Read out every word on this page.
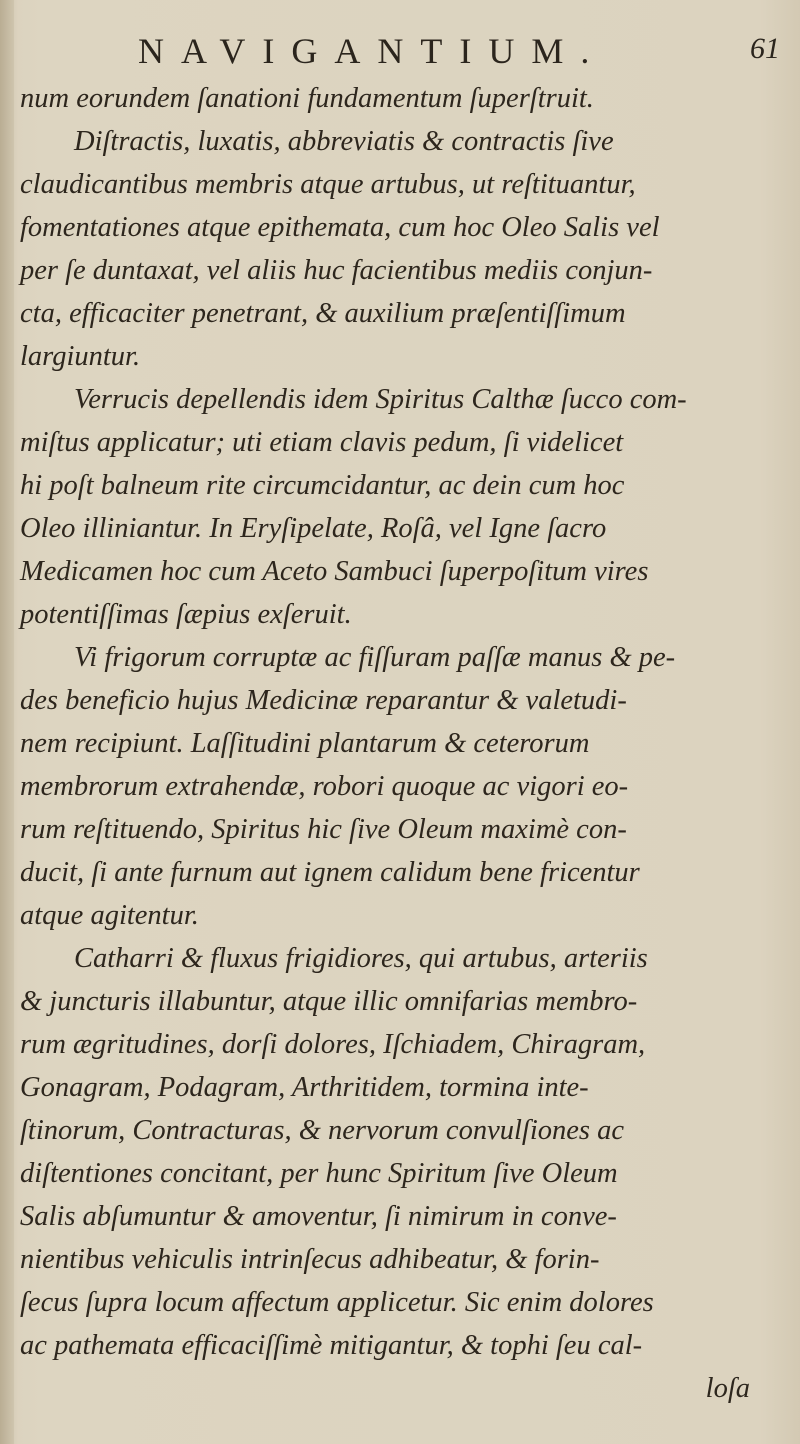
NAVIGANTIUM.	61
num eorundem ſanationi fundamentum ſuperſtruit.
Diſtractis, luxatis, abbreviatis & contractis ſive
claudicantibus membris atque artubus, ut reſtituantur,
fomentationes atque epithemata, cum hoc Oleo Salis vel
per ſe duntaxat, vel aliis huc facientibus mediis conjun-
cta, efficaciter penetrant, & auxilium præſentiſſimum
largiuntur.
Verrucis depellendis idem Spiritus Calthæ ſucco com-
miſtus applicatur; uti etiam clavis pedum, ſi videlicet
hi poſt balneum rite circumcidantur, ac dein cum hoc
Oleo illiniantur. In Eryſipelate, Roſâ, vel Igne ſacro
Medicamen hoc cum Aceto Sambuci ſuperpoſitum vires
potentiſſimas ſæpius exſeruit.
Vi frigorum corruptæ ac fiſſuram paſſæ manus & pe-
des beneficio hujus Medicinæ reparantur & valetudi-
nem recipiunt. Laſſitudini plantarum & ceterorum
membrorum extrahendæ, robori quoque ac vigori eo-
rum reſtituendo, Spiritus hic ſive Oleum maximè con-
ducit, ſi ante furnum aut ignem calidum bene fricentur
atque agitentur.
Catharri & fluxus frigidiores, qui artubus, arteriis
& juncturis illabuntur, atque illic omnifarias membro-
rum ægritudines, dorſi dolores, Iſchiadem, Chiragram,
Gonagram, Podagram, Arthritidem, tormina inte-
ſtinorum, Contracturas, & nervorum convulſiones ac
diſtentiones concitant, per hunc Spiritum ſive Oleum
Salis abſumuntur & amoventur, ſi nimirum in conve-
nientibus vehiculis intrinſecus adhibeatur, & forin-
ſecus ſupra locum affectum applicetur. Sic enim dolores
ac pathemata efficaciſſimè mitigantur, & tophi ſeu cal-
loſa
